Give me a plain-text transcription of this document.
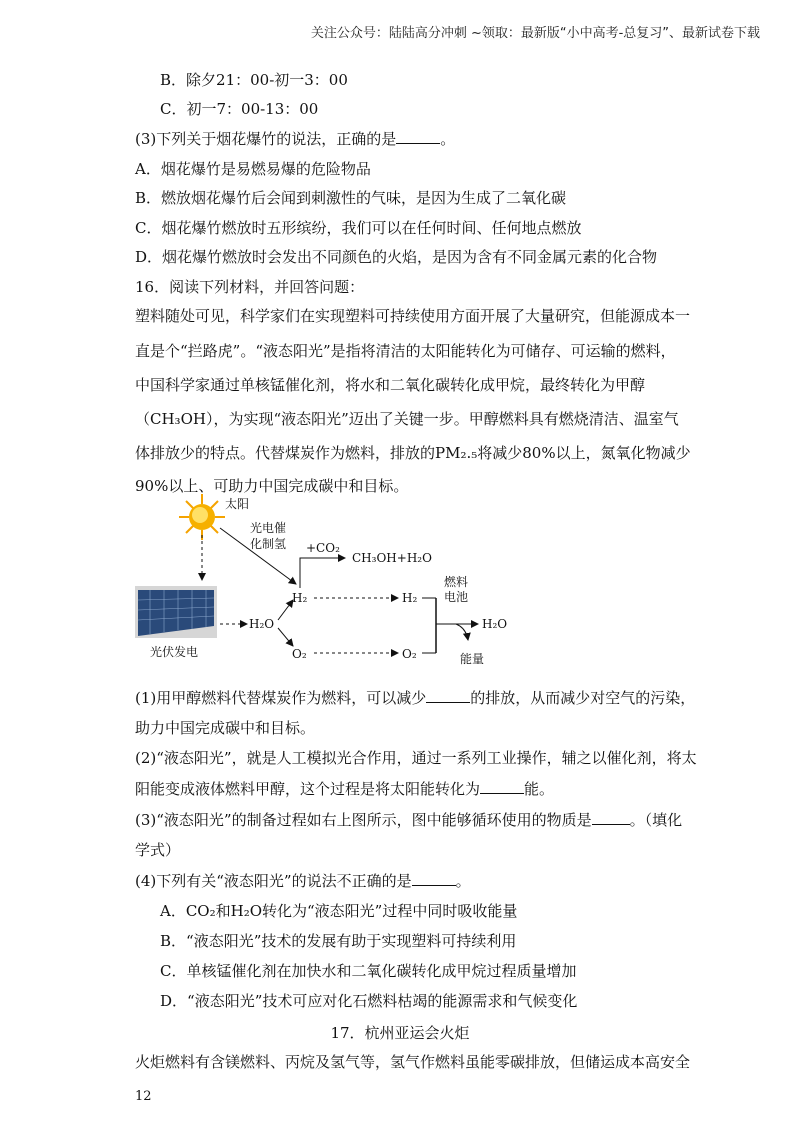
关注公众号：陆陆高分冲刺 ~领取：最新版“小中高考-总复习”、最新试卷下载
B．除夕21：00-初一3：00
C．初一7：00-13：00
(3)下列关于烟花爆竹的说法，正确的是	。
A．烟花爆竹是易燃易爆的危险物品
B．燃放烟花爆竹后会闻到刺激性的气味，是因为生成了二氧化碳
C．烟花爆竹燃放时五形缤纷，我们可以在任何时间、任何地点燃放
D．烟花爆竹燃放时会发出不同颜色的火焰，是因为含有不同金属元素的化合物
16．阅读下列材料，并回答问题：
塑料随处可见，科学家们在实现塑料可持续使用方面开展了大量研究，但能源成本一
直是个“拦路虎”。“液态阳光”是指将清洁的太阳能转化为可储存、可运输的燃料，
中国科学家通过单核锰催化剂，将水和二氧化碳转化成甲烷，最终转化为甲醇
（CH₃OH），为实现“液态阳光”迈出了关键一步。甲醇燃料具有燃烧清洁、温室气
体排放少的特点。代替煤炭作为燃料，排放的PM₂.₅将减少80%以上，氮氧化物减少
90%以上、可助力中国完成碳中和目标。
太阳
光电催
化制氢
光伏发电
H₂O
H₂
O₂
+CO₂
CH₃OH+H₂O
H₂
O₂
燃料
电池
H₂O
能量
(1)用甲醇燃料代替煤炭作为燃料，可以减少	的排放，从而减少对空气的污染，
助力中国完成碳中和目标。
(2)“液态阳光”，就是人工模拟光合作用，通过一系列工业操作，辅之以催化剂，将太
阳能变成液体燃料甲醇，这个过程是将太阳能转化为	能。
(3)“液态阳光”的制备过程如右上图所示，图中能够循环使用的物质是	。（填化
学式）
(4)下列有关“液态阳光”的说法不正确的是	。
A．CO₂和H₂O转化为“液态阳光”过程中同时吸收能量
B．“液态阳光”技术的发展有助于实现塑料可持续利用
C．单核锰催化剂在加快水和二氧化碳转化成甲烷过程质量增加
D．“液态阳光”技术可应对化石燃料枯竭的能源需求和气候变化
17．杭州亚运会火炬
火炬燃料有含镁燃料、丙烷及氢气等，氢气作燃料虽能零碳排放，但储运成本高安全
12
